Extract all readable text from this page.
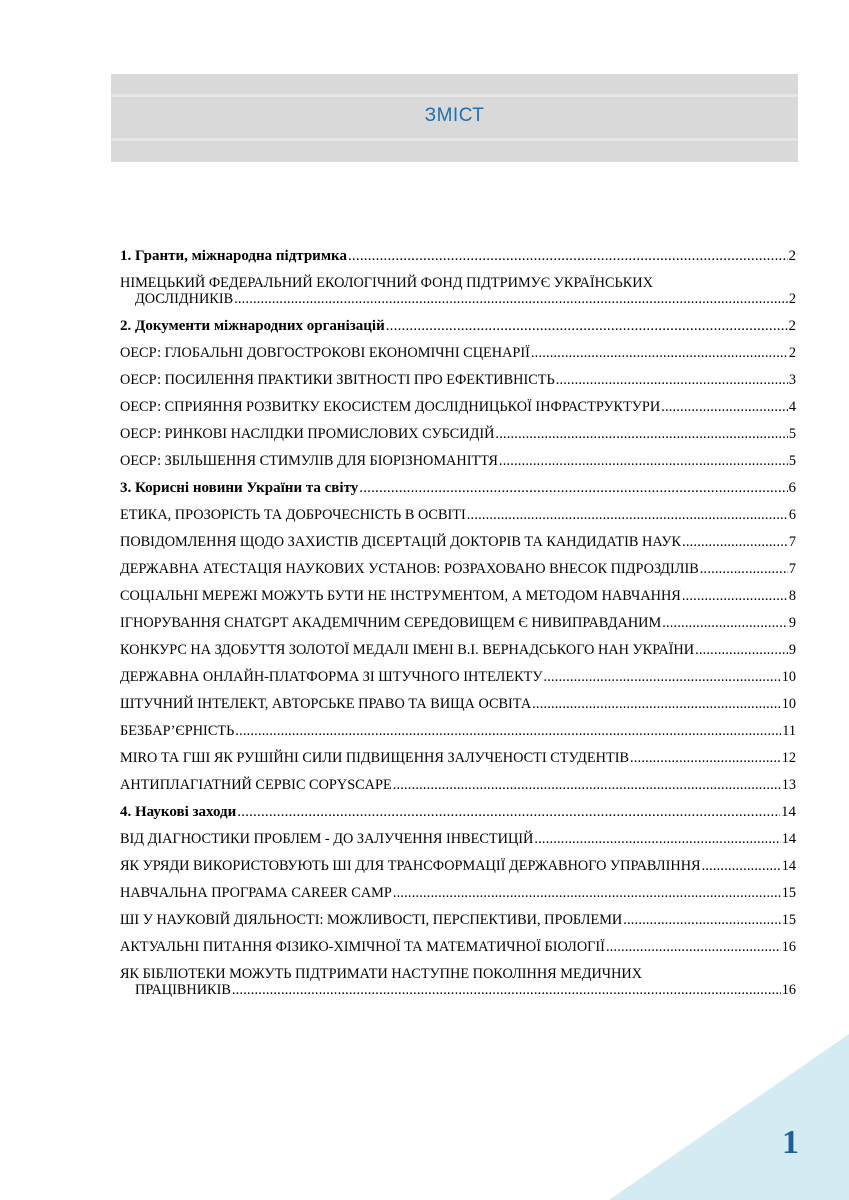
ЗМІСТ
1. Гранти, міжнародна підтримка .....	2
НІМЕЦЬКИЙ ФЕДЕРАЛЬНИЙ ЕКОЛОГІЧНИЙ ФОНД ПІДТРИМУЄ УКРАЇНСЬКИХ
ДОСЛІДНИКІВ .....	2
2. Документи міжнародних організацій .....	2
ОЕСР: ГЛОБАЛЬНІ ДОВГОСТРОКОВІ ЕКОНОМІЧНІ СЦЕНАРІЇ .....	2
ОЕСР: ПОСИЛЕННЯ ПРАКТИКИ ЗВІТНОСТІ ПРО ЕФЕКТИВНІСТЬ .....	3
ОЕСР: СПРИЯННЯ РОЗВИТКУ ЕКОСИСТЕМ ДОСЛІДНИЦЬКОЇ ІНФРАСТРУКТУРИ .....	4
ОЕСР: РИНКОВІ НАСЛІДКИ ПРОМИСЛОВИХ СУБСИДІЙ .....	5
ОЕСР: ЗБІЛЬШЕННЯ СТИМУЛІВ ДЛЯ БІОРІЗНОМАНІТТЯ .....	5
3. Корисні новини України та світу .....	6
ЕТИКА, ПРОЗОРІСТЬ ТА ДОБРОЧЕСНІСТЬ В ОСВІТІ .....	6
ПОВІДОМЛЕННЯ ЩОДО ЗАХИСТІВ ДІСЕРТАЦІЙ ДОКТОРІВ ТА КАНДИДАТІВ НАУК .....	7
ДЕРЖАВНА АТЕСТАЦІЯ НАУКОВИХ УСТАНОВ: РОЗРАХОВАНО ВНЕСОК ПІДРОЗДІЛІВ .....	7
СОЦІАЛЬНІ МЕРЕЖІ МОЖУТЬ БУТИ НЕ ІНСТРУМЕНТОМ, А МЕТОДОМ НАВЧАННЯ .....	8
ІГНОРУВАННЯ CHATGPT АКАДЕМІЧНИМ СЕРЕДОВИЩЕМ Є НИВИПРАВДАНИМ .....	9
КОНКУРС НА ЗДОБУТТЯ ЗОЛОТОЇ МЕДАЛІ ІМЕНІ В.І. ВЕРНАДСЬКОГО НАН УКРАЇНИ .....	9
ДЕРЖАВНА ОНЛАЙН-ПЛАТФОРМА ЗІ ШТУЧНОГО ІНТЕЛЕКТУ .....	10
ШТУЧНИЙ ІНТЕЛЕКТ, АВТОРСЬКЕ ПРАВО ТА ВИЩА ОСВІТА .....	10
БЕЗБАР’ЄРНІСТЬ .....	11
MIRO ТА ГШІ ЯК РУШІЙНІ СИЛИ ПІДВИЩЕННЯ ЗАЛУЧЕНОСТІ СТУДЕНТІВ .....	12
АНТИПЛАГІАТНИЙ СЕРВІС COPYSCAPE .....	13
4. Наукові заходи .....	14
ВІД ДІАГНОСТИКИ ПРОБЛЕМ - ДО ЗАЛУЧЕННЯ ІНВЕСТИЦІЙ .....	14
ЯК УРЯДИ ВИКОРИСТОВУЮТЬ ШІ ДЛЯ ТРАНСФОРМАЦІЇ ДЕРЖАВНОГО УПРАВЛІННЯ .....	14
НАВЧАЛЬНА ПРОГРАМА CAREER CAMP .....	15
ШІ У НАУКОВІЙ ДІЯЛЬНОСТІ: МОЖЛИВОСТІ, ПЕРСПЕКТИВИ, ПРОБЛЕМИ .....	15
АКТУАЛЬНІ ПИТАННЯ ФІЗИКО-ХІМІЧНОЇ ТА МАТЕМАТИЧНОЇ БІОЛОГІЇ .....	16
ЯК БІБЛІОТЕКИ МОЖУТЬ ПІДТРИМАТИ НАСТУПНЕ ПОКОЛІННЯ МЕДИЧНИХ
ПРАЦІВНИКІВ .....	16
1
